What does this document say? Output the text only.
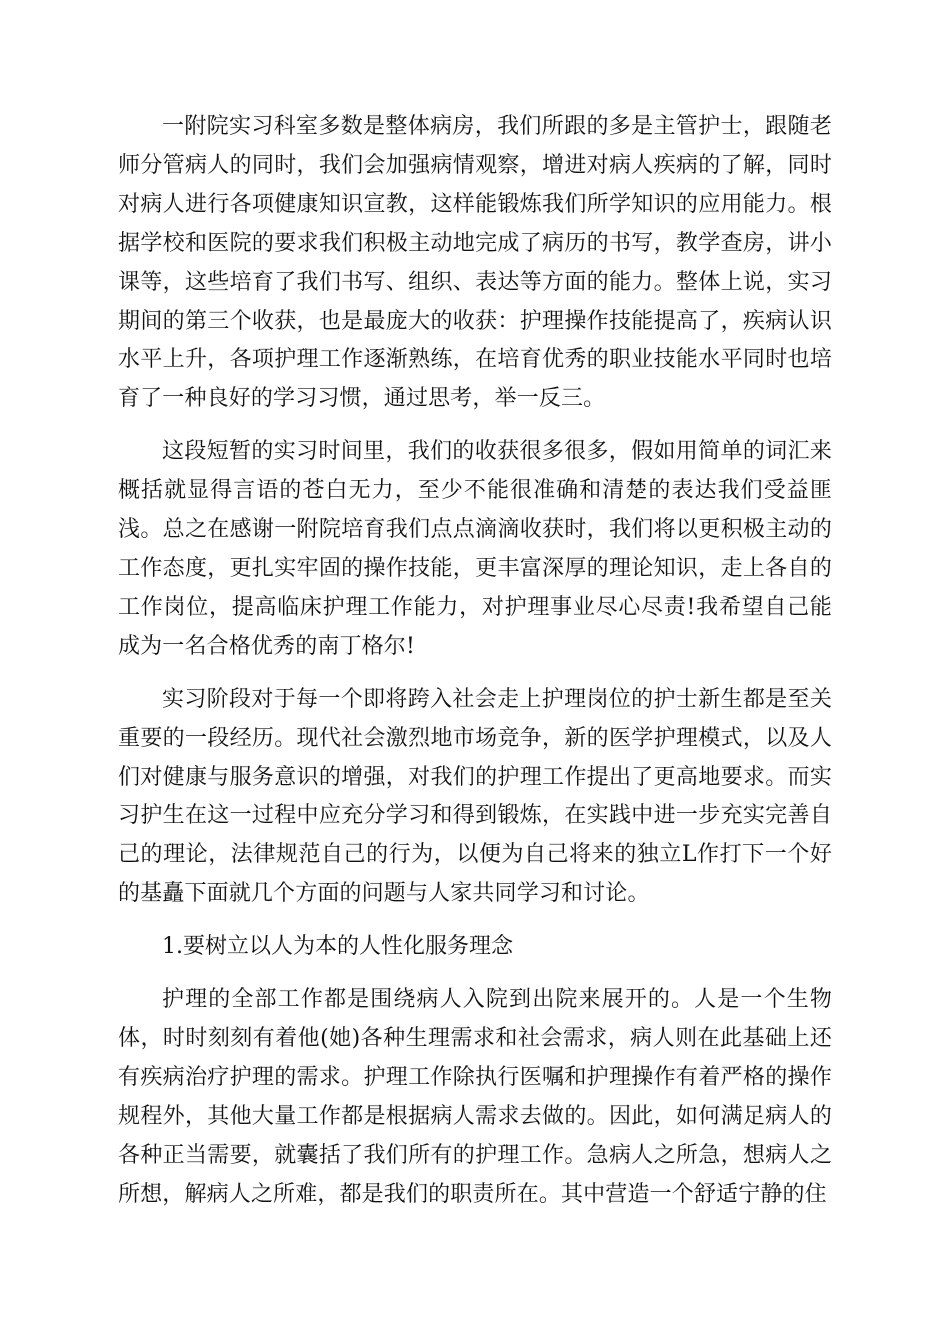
一附院实习科室多数是整体病房，我们所跟的多是主管护士，跟随老师分管病人的同时，我们会加强病情观察，增进对病人疾病的了解，同时对病人进行各项健康知识宣教，这样能锻炼我们所学知识的应用能力。根据学校和医院的要求我们积极主动地完成了病历的书写，教学查房，讲小课等，这些培育了我们书写、组织、表达等方面的能力。整体上说，实习期间的第三个收获，也是最庞大的收获：护理操作技能提高了，疾病认识水平上升，各项护理工作逐渐熟练，在培育优秀的职业技能水平同时也培育了一种良好的学习习惯，通过思考，举一反三。

这段短暂的实习时间里，我们的收获很多很多，假如用简单的词汇来概括就显得言语的苍白无力，至少不能很准确和清楚的表达我们受益匪浅。总之在感谢一附院培育我们点点滴滴收获时，我们将以更积极主动的工作态度，更扎实牢固的操作技能，更丰富深厚的理论知识，走上各自的工作岗位，提高临床护理工作能力，对护理事业尽心尽责!我希望自己能成为一名合格优秀的南丁格尔!

实习阶段对于每一个即将跨入社会走上护理岗位的护士新生都是至关重要的一段经历。现代社会激烈地市场竞争，新的医学护理模式，以及人们对健康与服务意识的增强，对我们的护理工作提出了更高地要求。而实习护生在这一过程中应充分学习和得到锻炼，在实践中进一步充实完善自己的理论，法律规范自己的行为，以便为自己将来的独立L作打下一个好的基矗下面就几个方面的问题与人家共同学习和讨论。

1.要树立以人为本的人性化服务理念

护理的全部工作都是围绕病人入院到出院来展开的。人是一个生物体，时时刻刻有着他(她)各种生理需求和社会需求，病人则在此基础上还有疾病治疗护理的需求。护理工作除执行医嘱和护理操作有着严格的操作规程外，其他大量工作都是根据病人需求去做的。因此，如何满足病人的各种正当需要，就囊括了我们所有的护理工作。急病人之所急，想病人之所想，解病人之所难，都是我们的职责所在。其中营造一个舒适宁静的住
